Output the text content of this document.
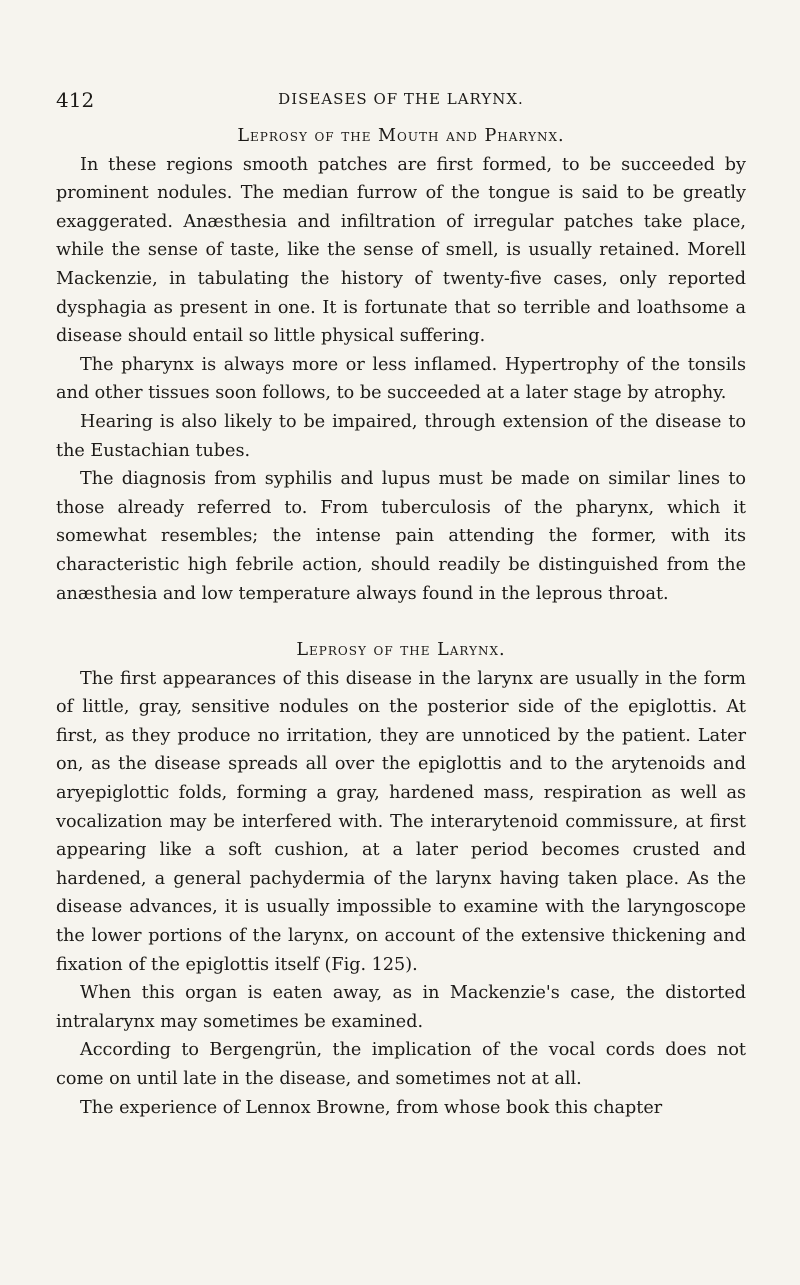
412	DISEASES OF THE LARYNX.
Leprosy of the Mouth and Pharynx.

In these regions smooth patches are first formed, to be succeeded by prominent nodules. The median furrow of the tongue is said to be greatly exaggerated. Anæsthesia and infiltration of irregular patches take place, while the sense of taste, like the sense of smell, is usually retained. Morell Mackenzie, in tabulating the history of twenty-five cases, only reported dysphagia as present in one. It is fortunate that so terrible and loathsome a disease should entail so little physical suffering.

The pharynx is always more or less inflamed. Hypertrophy of the tonsils and other tissues soon follows, to be succeeded at a later stage by atrophy.

Hearing is also likely to be impaired, through extension of the disease to the Eustachian tubes.

The diagnosis from syphilis and lupus must be made on similar lines to those already referred to. From tuberculosis of the pharynx, which it somewhat resembles; the intense pain attending the former, with its characteristic high febrile action, should readily be distinguished from the anæsthesia and low temperature always found in the leprous throat.

Leprosy of the Larynx.

The first appearances of this disease in the larynx are usually in the form of little, gray, sensitive nodules on the posterior side of the epiglottis. At first, as they produce no irritation, they are unnoticed by the patient. Later on, as the disease spreads all over the epiglottis and to the arytenoids and aryepiglottic folds, forming a gray, hardened mass, respiration as well as vocalization may be interfered with. The interarytenoid commissure, at first appearing like a soft cushion, at a later period becomes crusted and hardened, a general pachydermia of the larynx having taken place. As the disease advances, it is usually impossible to examine with the laryngoscope the lower portions of the larynx, on account of the extensive thickening and fixation of the epiglottis itself (Fig. 125).

When this organ is eaten away, as in Mackenzie's case, the distorted intralarynx may sometimes be examined.

According to Bergengrün, the implication of the vocal cords does not come on until late in the disease, and sometimes not at all.

The experience of Lennox Browne, from whose book this chapter
